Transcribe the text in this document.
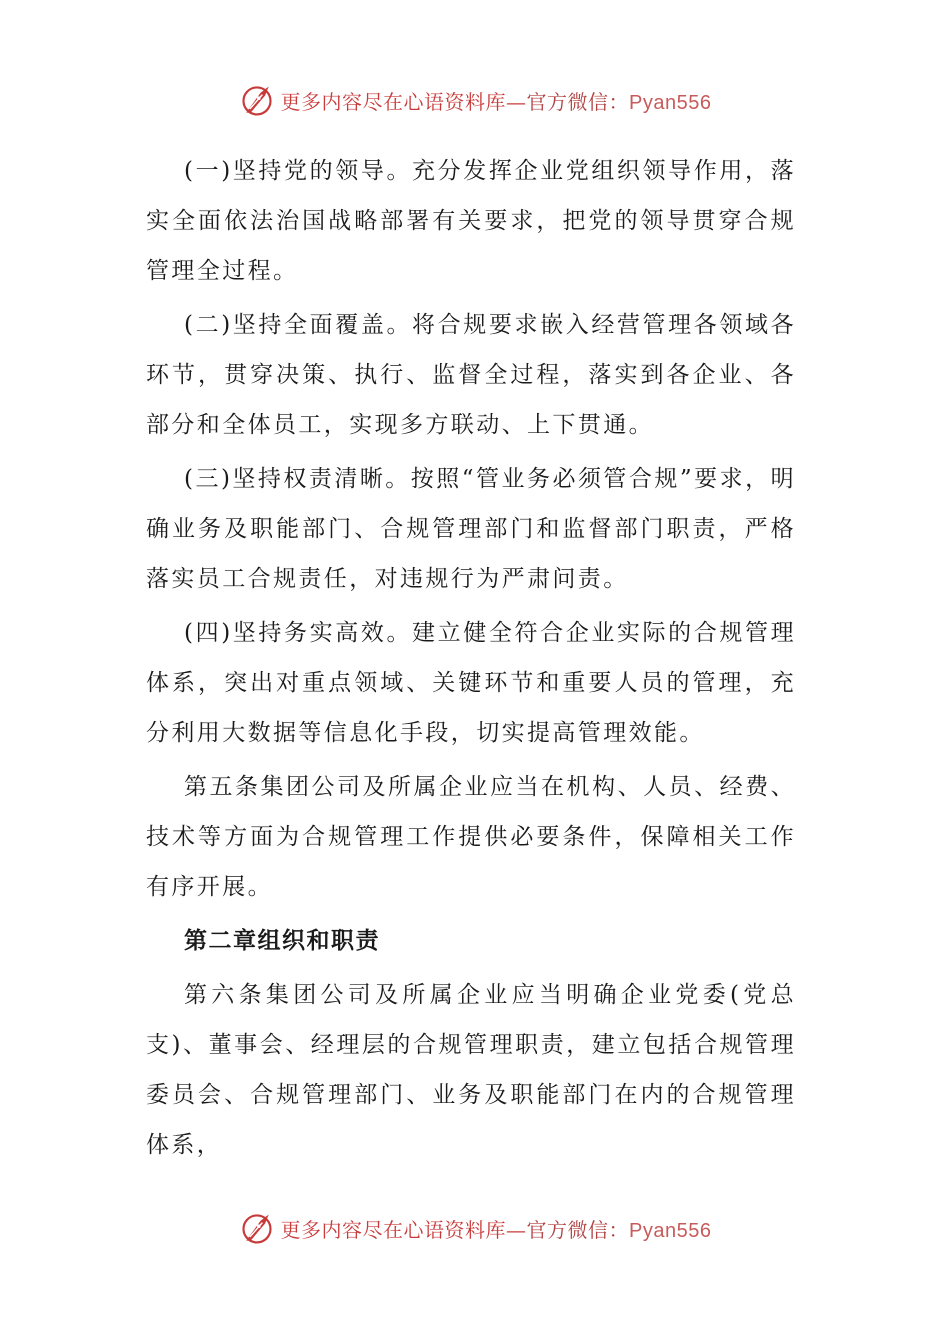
更多内容尽在心语资料库—官方微信：Pyan556

(一)坚持党的领导。充分发挥企业党组织领导作用，落实全面依法治国战略部署有关要求，把党的领导贯穿合规管理全过程。

(二)坚持全面覆盖。将合规要求嵌入经营管理各领域各环节，贯穿决策、执行、监督全过程，落实到各企业、各部分和全体员工，实现多方联动、上下贯通。

(三)坚持权责清晰。按照“管业务必须管合规”要求，明确业务及职能部门、合规管理部门和监督部门职责，严格落实员工合规责任，对违规行为严肃问责。

(四)坚持务实高效。建立健全符合企业实际的合规管理体系，突出对重点领域、关键环节和重要人员的管理，充分利用大数据等信息化手段，切实提高管理效能。

第五条集团公司及所属企业应当在机构、人员、经费、技术等方面为合规管理工作提供必要条件，保障相关工作有序开展。

第二章组织和职责

第六条集团公司及所属企业应当明确企业党委(党总支)、董事会、经理层的合规管理职责，建立包括合规管理委员会、合规管理部门、业务及职能部门在内的合规管理体系，

更多内容尽在心语资料库—官方微信：Pyan556
